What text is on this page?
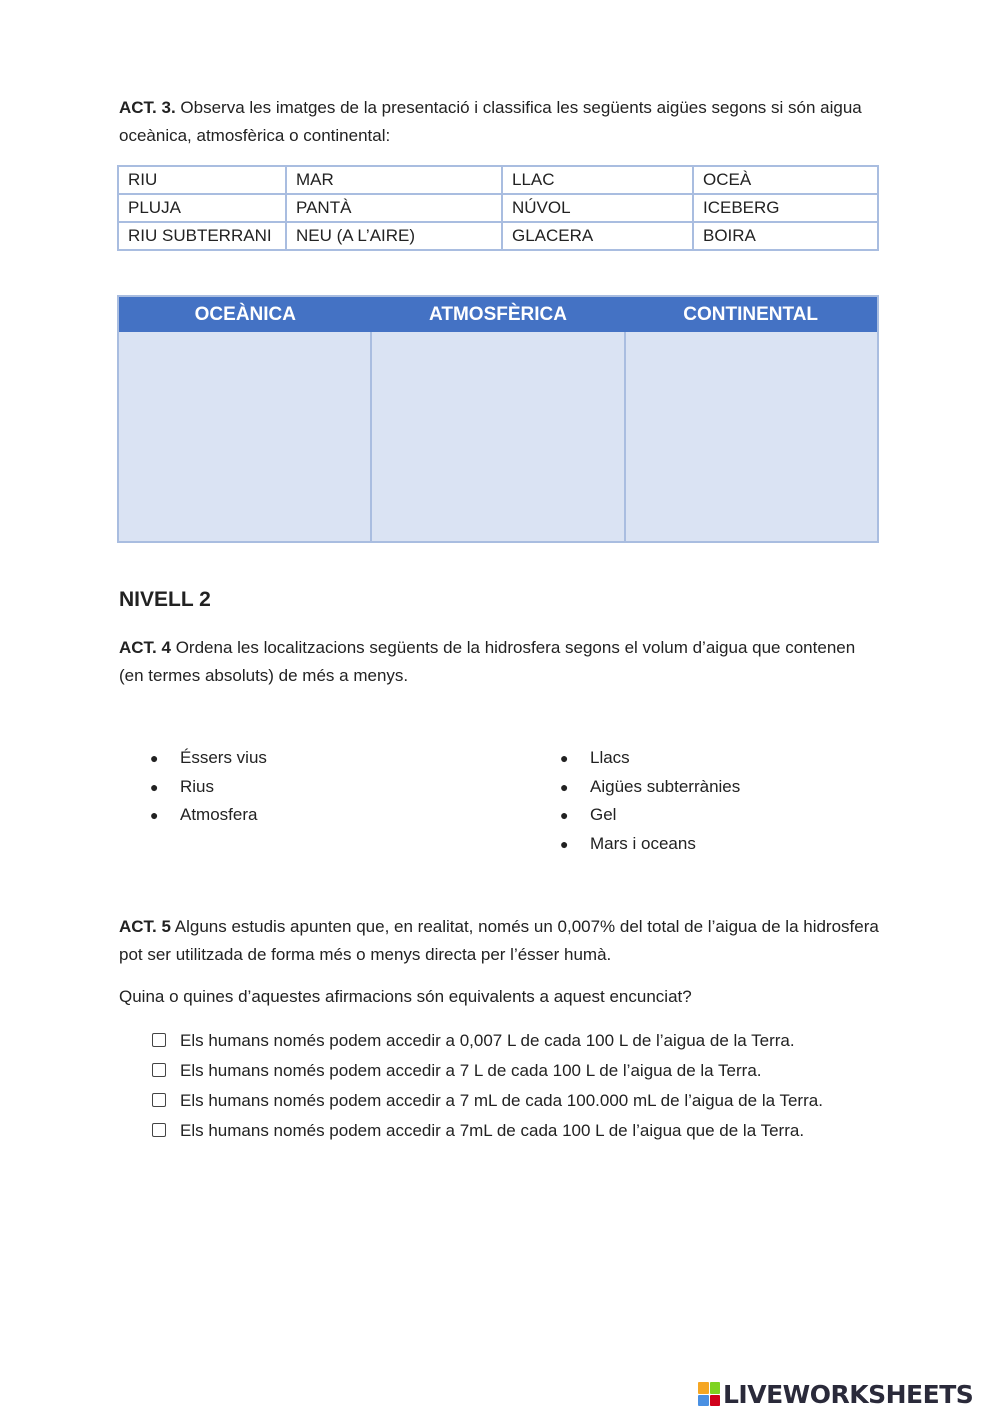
ACT. 3. Observa les imatges de la presentació i classifica les següents aigües segons si són aigua oceànica, atmosfèrica o continental:

RIU	MAR	LLAC	OCEÀ
PLUJA	PANTÀ	NÚVOL	ICEBERG
RIU SUBTERRANI	NEU (A L’AIRE)	GLACERA	BOIRA
OCEÀNICA	ATMOSFÈRICA	CONTINENTAL
NIVELL 2

ACT. 4 Ordena les localitzacions següents de la hidrosfera segons el volum d’aigua que contenen (en termes absoluts) de més a menys.

● Éssers vius
● Rius
● Atmosfera
● Llacs
● Aigües subterrànies
● Gel
● Mars i oceans

ACT. 5 Alguns estudis apunten que, en realitat, només un 0,007% del total de l’aigua de la hidrosfera pot ser utilitzada de forma més o menys directa per l’ésser humà.

Quina o quines d’aquestes afirmacions són equivalents a aquest encunciat?

Els humans només podem accedir a 0,007 L de cada 100 L de l’aigua de la Terra.
Els humans només podem accedir a 7 L de cada 100 L de l’aigua de la Terra.
Els humans només podem accedir a 7 mL de cada 100.000 mL de l’aigua de la Terra.
Els humans només podem accedir a 7mL de cada 100 L de l’aigua que de la Terra.
LIVEWORKSHEETS
